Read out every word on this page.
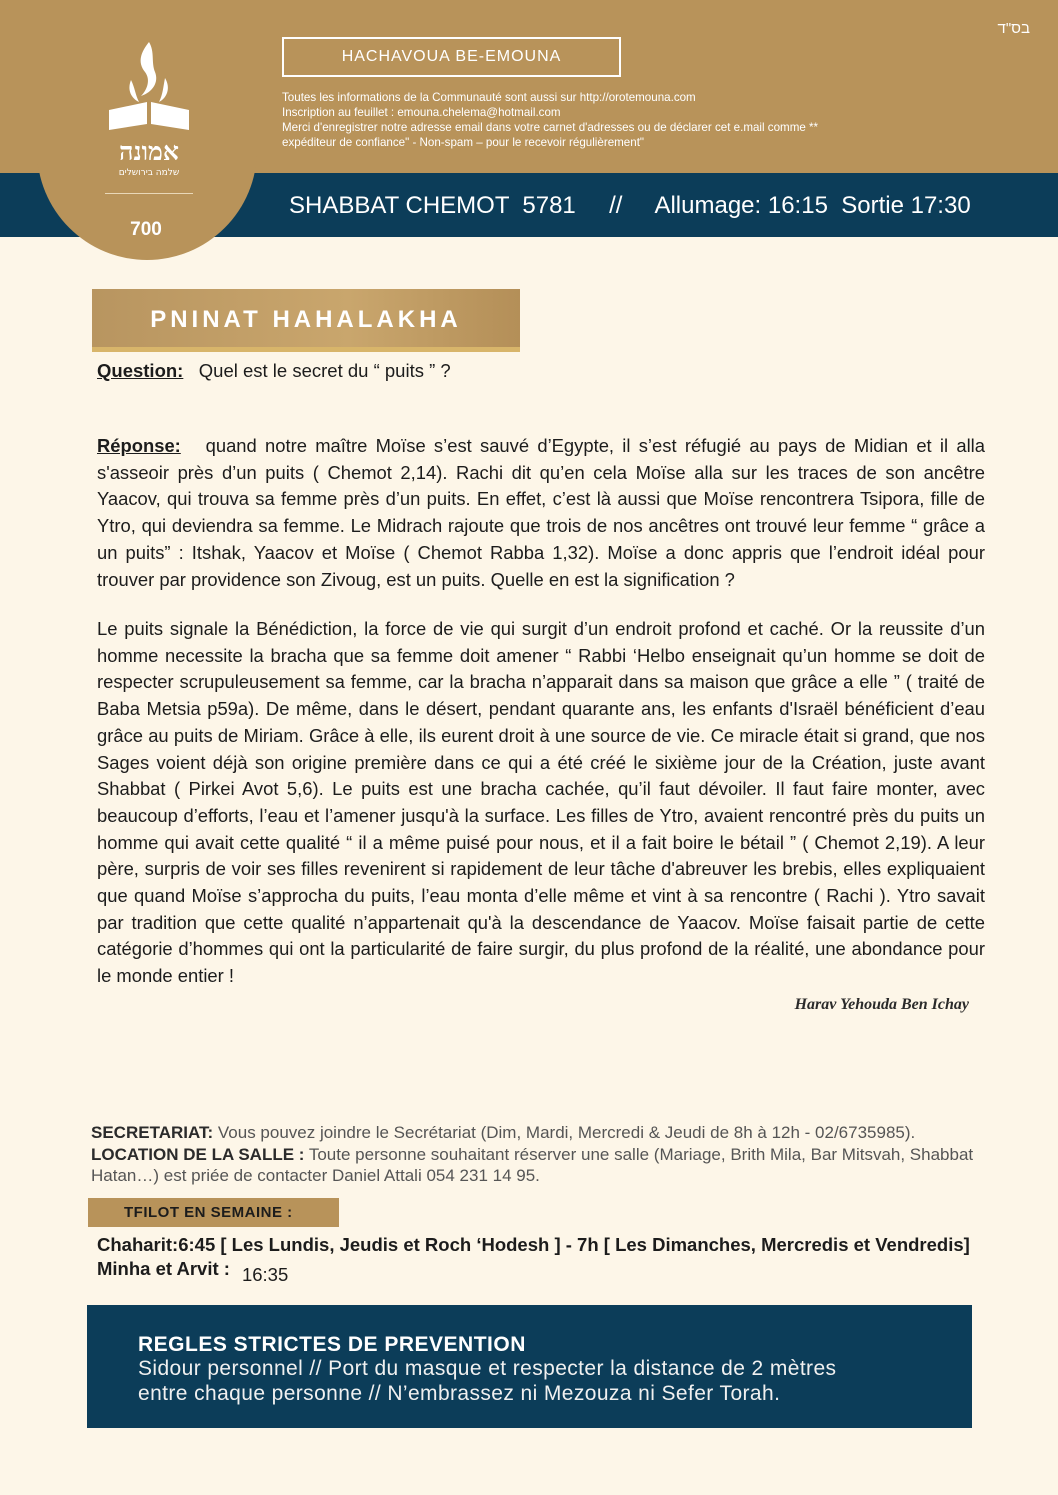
בס"ד
אמונה
שלמה בירושלים
700
HACHAVOUA BE-EMOUNA
Toutes les informations de la Communauté sont aussi sur http://orotemouna.com
Inscription au feuillet : emouna.chelema@hotmail.com
Merci d'enregistrer notre adresse email dans votre carnet d'adresses ou de déclarer cet e.mail comme **
expéditeur de confiance" - Non-spam – pour le recevoir régulièrement"
SHABBAT CHEMOT  5781     //     Allumage: 16:15  Sortie 17:30
PNINAT HAHALAKHA
Question: Quel est le secret du “ puits ” ?

Réponse: quand notre maître Moïse s’est sauvé d’Egypte, il s’est réfugié au pays de Midian et il alla s'asseoir près d’un puits ( Chemot 2,14). Rachi dit qu’en cela Moïse alla sur les traces de son ancêtre Yaacov, qui trouva sa femme près d’un puits. En effet, c’est là aussi que Moïse rencontrera Tsipora, fille de Ytro, qui deviendra sa femme. Le Midrach rajoute que trois de nos ancêtres ont trouvé leur femme “ grâce a un puits” : Itshak, Yaacov et Moïse ( Chemot Rabba 1,32). Moïse a donc appris que l’endroit idéal pour trouver par providence son Zivoug, est un puits. Quelle en est la signification ?

Le puits signale la Bénédiction, la force de vie qui surgit d’un endroit profond et caché. Or la reussite d’un homme necessite la bracha que sa femme doit amener “ Rabbi ‘Helbo enseignait qu’un homme se doit de respecter scrupuleusement sa femme, car la bracha n’apparait dans sa maison que grâce a elle ” ( traité de Baba Metsia p59a). De même, dans le désert, pendant quarante ans, les enfants d'Israël bénéficient d’eau grâce au puits de Miriam. Grâce à elle, ils eurent droit à une source de vie. Ce miracle était si grand, que nos Sages voient déjà son origine première dans ce qui a été créé le sixième jour de la Création, juste avant Shabbat ( Pirkei Avot 5,6). Le puits est une bracha cachée, qu’il faut dévoiler. Il faut faire monter, avec beaucoup d’efforts, l’eau et l’amener jusqu'à la surface. Les filles de Ytro, avaient rencontré près du puits un homme qui avait cette qualité “ il a même puisé pour nous, et il a fait boire le bétail ” ( Chemot 2,19). A leur père, surpris de voir ses filles revenirent si rapidement de leur tâche d'abreuver les brebis, elles expliquaient que quand Moïse s’approcha du puits, l’eau monta d’elle même et vint à sa rencontre ( Rachi ). Ytro savait par tradition que cette qualité n’appartenait qu'à la descendance de Yaacov. Moïse faisait partie de cette catégorie d’hommes qui ont la particularité de faire surgir, du plus profond de la réalité, une abondance pour le monde entier !

Harav Yehouda Ben Ichay
SECRETARIAT: Vous pouvez joindre le Secrétariat (Dim, Mardi, Mercredi & Jeudi de 8h à 12h - 02/6735985).
LOCATION DE LA SALLE : Toute personne souhaitant réserver une salle (Mariage, Brith Mila, Bar Mitsvah, Shabbat Hatan…) est priée de contacter Daniel Attali 054 231 14 95.
TFILOT EN SEMAINE :
Chaharit:6:45 [ Les Lundis, Jeudis et Roch ‘Hodesh ] - 7h [ Les Dimanches, Mercredis et Vendredis]
Minha et Arvit : 16:35
REGLES STRICTES DE PREVENTION
Sidour personnel // Port du masque et respecter la distance de 2 mètres
entre chaque personne // N’embrassez ni Mezouza ni Sefer Torah.
